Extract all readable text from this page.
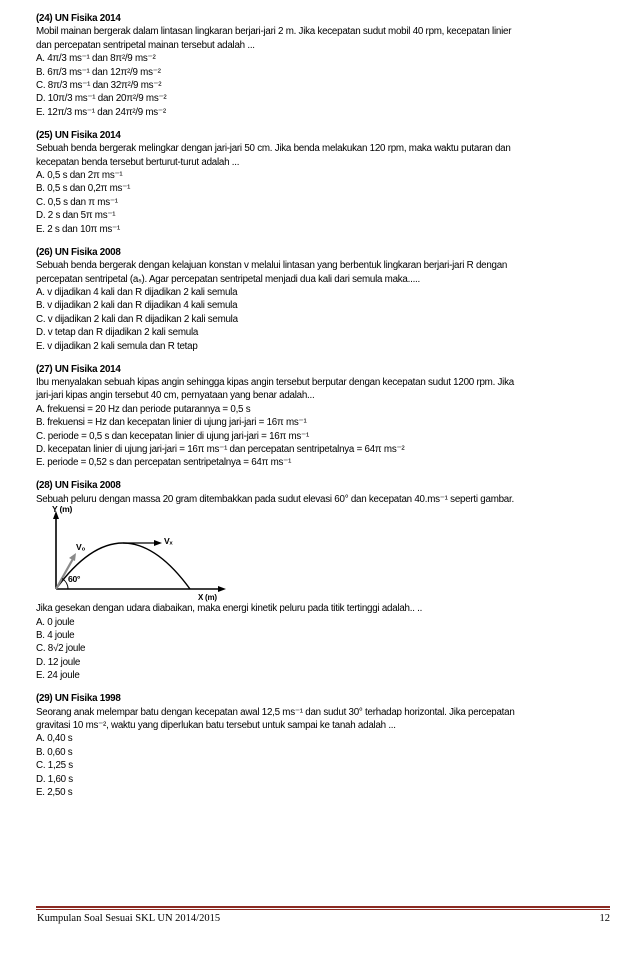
(24) UN Fisika 2014
Mobil mainan bergerak dalam lintasan lingkaran berjari-jari 2 m. Jika kecepatan sudut mobil 40 rpm, kecepatan linier
dan percepatan sentripetal mainan tersebut adalah ...
A. 4π/3 ms⁻¹ dan 8π²/9 ms⁻²
B. 6π/3 ms⁻¹ dan 12π²/9 ms⁻²
C. 8π/3 ms⁻¹ dan 32π²/9 ms⁻²
D. 10π/3 ms⁻¹ dan 20π²/9 ms⁻²
E. 12π/3 ms⁻¹ dan 24π²/9 ms⁻²
(25) UN Fisika 2014
Sebuah benda bergerak melingkar dengan jari-jari 50 cm. Jika benda melakukan 120 rpm, maka waktu putaran dan
kecepatan benda tersebut berturut-turut adalah ...
A. 0,5 s dan 2π ms⁻¹
B. 0,5 s dan 0,2π ms⁻¹
C. 0,5 s dan π ms⁻¹
D. 2 s dan 5π ms⁻¹
E. 2 s dan 10π ms⁻¹
(26) UN Fisika 2008
Sebuah benda bergerak dengan kelajuan konstan v melalui lintasan yang berbentuk lingkaran berjari-jari R dengan
percepatan sentripetal (aₛ). Agar percepatan sentripetal menjadi dua kali dari semula maka.....
A. v dijadikan 4 kali dan R dijadikan 2 kali semula
B. v dijadikan 2 kali dan R dijadikan 4 kali semula
C. v dijadikan 2 kali dan R dijadikan 2 kali semula
D. v tetap dan R dijadikan 2 kali semula
E. v dijadikan 2 kali semula dan R tetap
(27) UN Fisika 2014
Ibu menyalakan sebuah kipas angin sehingga kipas angin tersebut berputar dengan kecepatan sudut 1200 rpm. Jika
jari-jari kipas angin tersebut 40 cm, pernyataan yang benar adalah...
A. frekuensi = 20 Hz dan periode putarannya = 0,5 s
B. frekuensi = Hz dan kecepatan linier di ujung jari-jari = 16π ms⁻¹
C. periode = 0,5 s dan kecepatan linier di ujung jari-jari = 16π ms⁻¹
D. kecepatan linier di ujung jari-jari = 16π ms⁻¹ dan percepatan sentripetalnya = 64π ms⁻²
E. periode = 0,52 s dan percepatan sentripetalnya = 64π ms⁻¹
(28) UN Fisika 2008
Sebuah peluru dengan massa 20 gram ditembakkan pada sudut elevasi 60° dan kecepatan 40.ms⁻¹ seperti gambar.
Y (m)
X (m)
V₀
Vₓ
60°
Jika gesekan dengan udara diabaikan, maka energi kinetik peluru pada titik tertinggi adalah.. ..
A. 0 joule
B. 4 joule
C. 8√2 joule
D. 12 joule
E. 24 joule
(29) UN Fisika 1998
Seorang anak melempar batu dengan kecepatan awal 12,5 ms⁻¹ dan sudut 30° terhadap horizontal. Jika percepatan
gravitasi 10 ms⁻², waktu yang diperlukan batu tersebut untuk sampai ke tanah adalah ...
A. 0,40 s
B. 0,60 s
C. 1,25 s
D. 1,60 s
E. 2,50 s
Kumpulan Soal Sesuai SKL UN 2014/2015	12
